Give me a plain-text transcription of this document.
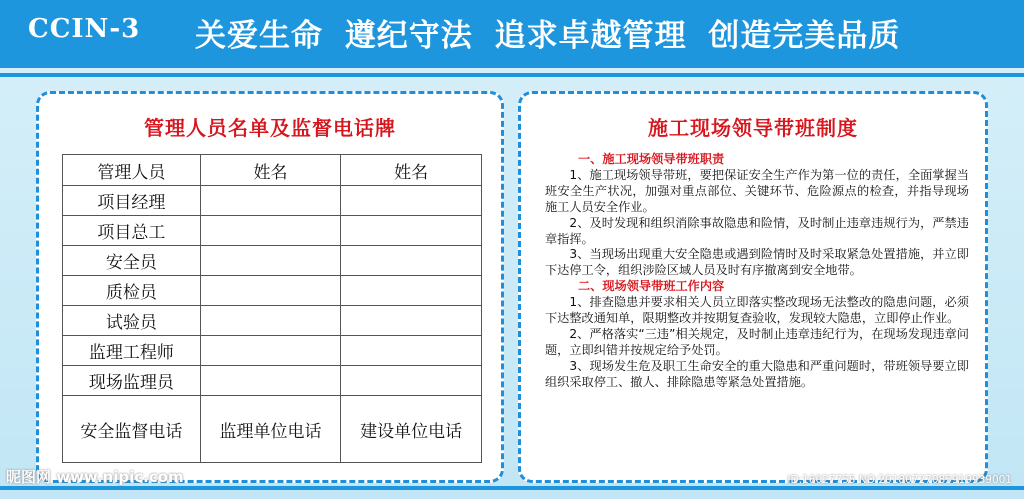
CCIN-3 关爱生命 遵纪守法 追求卓越管理 创造完美品质
管理人员名单及监督电话牌
管理人员	姓名	姓名
项目经理		
项目总工		
安全员		
质检员		
试验员		
监理工程师		
现场监理员		
安全监督电话	监理单位电话	建设单位电话
施工现场领导带班制度
一、施工现场领导带班职责
1、施工现场领导带班，要把保证安全生产作为第一位的责任，全面掌握当班安全生产状况，加强对重点部位、关键环节、危险源点的检查，并指导现场施工人员安全作业。
2、及时发现和组织消除事故隐患和险情，及时制止违章违规行为，严禁违章指挥。
3、当现场出现重大安全隐患或遇到险情时及时采取紧急处置措施，并立即下达停工令，组织涉险区域人员及时有序撤离到安全地带。
二、现场领导带班工作内容
1、排查隐患并要求相关人员立即落实整改现场无法整改的隐患问题，必须下达整改通知单，限期整改并按期复查验收，发现较大隐患，立即停止作业。
2、严格落实“三违”相关规定，及时制止违章违纪行为，在现场发现违章问题，立即纠错并按规定给予处罚。
3、现场发生危及职工生命安全的重大隐患和严重问题时，带班领导要立即组织采取停工、撤人、排除隐患等紧急处置措施。
昵图网 www.nipic.com	ID:16027755 NO:20180727085919939001
